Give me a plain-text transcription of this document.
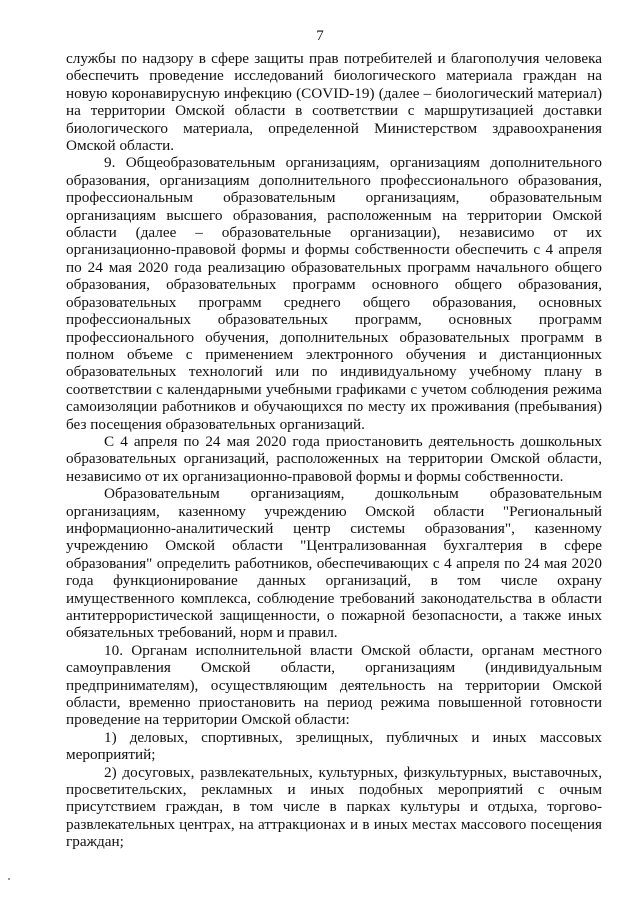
7

службы по надзору в сфере защиты прав потребителей и благополучия человека обеспечить проведение исследований биологического материала граждан на новую коронавирусную инфекцию (COVID-19) (далее – биологический материал) на территории Омской области в соответствии с маршрутизацией доставки биологического материала, определенной Министерством здравоохранения Омской области.

9. Общеобразовательным организациям, организациям дополнительного образования, организациям дополнительного профессионального образования, профессиональным образовательным организациям, образовательным организациям высшего образования, расположенным на территории Омской области (далее – образовательные организации), независимо от их организационно-правовой формы и формы собственности обеспечить с 4 апреля по 24 мая 2020 года реализацию образовательных программ начального общего образования, образовательных программ основного общего образования, образовательных программ среднего общего образования, основных профессиональных образовательных программ, основных программ профессионального обучения, дополнительных образовательных программ в полном объеме с применением электронного обучения и дистанционных образовательных технологий или по индивидуальному учебному плану в соответствии с календарными учебными графиками с учетом соблюдения режима самоизоляции работников и обучающихся по месту их проживания (пребывания) без посещения образовательных организаций.

С 4 апреля по 24 мая 2020 года приостановить деятельность дошкольных образовательных организаций, расположенных на территории Омской области, независимо от их организационно-правовой формы и формы собственности.

Образовательным организациям, дошкольным образовательным организациям, казенному учреждению Омской области "Региональный информационно-аналитический центр системы образования", казенному учреждению Омской области "Централизованная бухгалтерия в сфере образования" определить работников, обеспечивающих с 4 апреля по 24 мая 2020 года функционирование данных организаций, в том числе охрану имущественного комплекса, соблюдение требований законодательства в области антитеррористической защищенности, о пожарной безопасности, а также иных обязательных требований, норм и правил.

10. Органам исполнительной власти Омской области, органам местного самоуправления Омской области, организациям (индивидуальным предпринимателям), осуществляющим деятельность на территории Омской области, временно приостановить на период режима повышенной готовности проведение на территории Омской области:

1) деловых, спортивных, зрелищных, публичных и иных массовых мероприятий;

2) досуговых, развлекательных, культурных, физкультурных, выставочных, просветительских, рекламных и иных подобных мероприятий с очным присутствием граждан, в том числе в парках культуры и отдыха, торгово-развлекательных центрах, на аттракционах и в иных местах массового посещения граждан;
